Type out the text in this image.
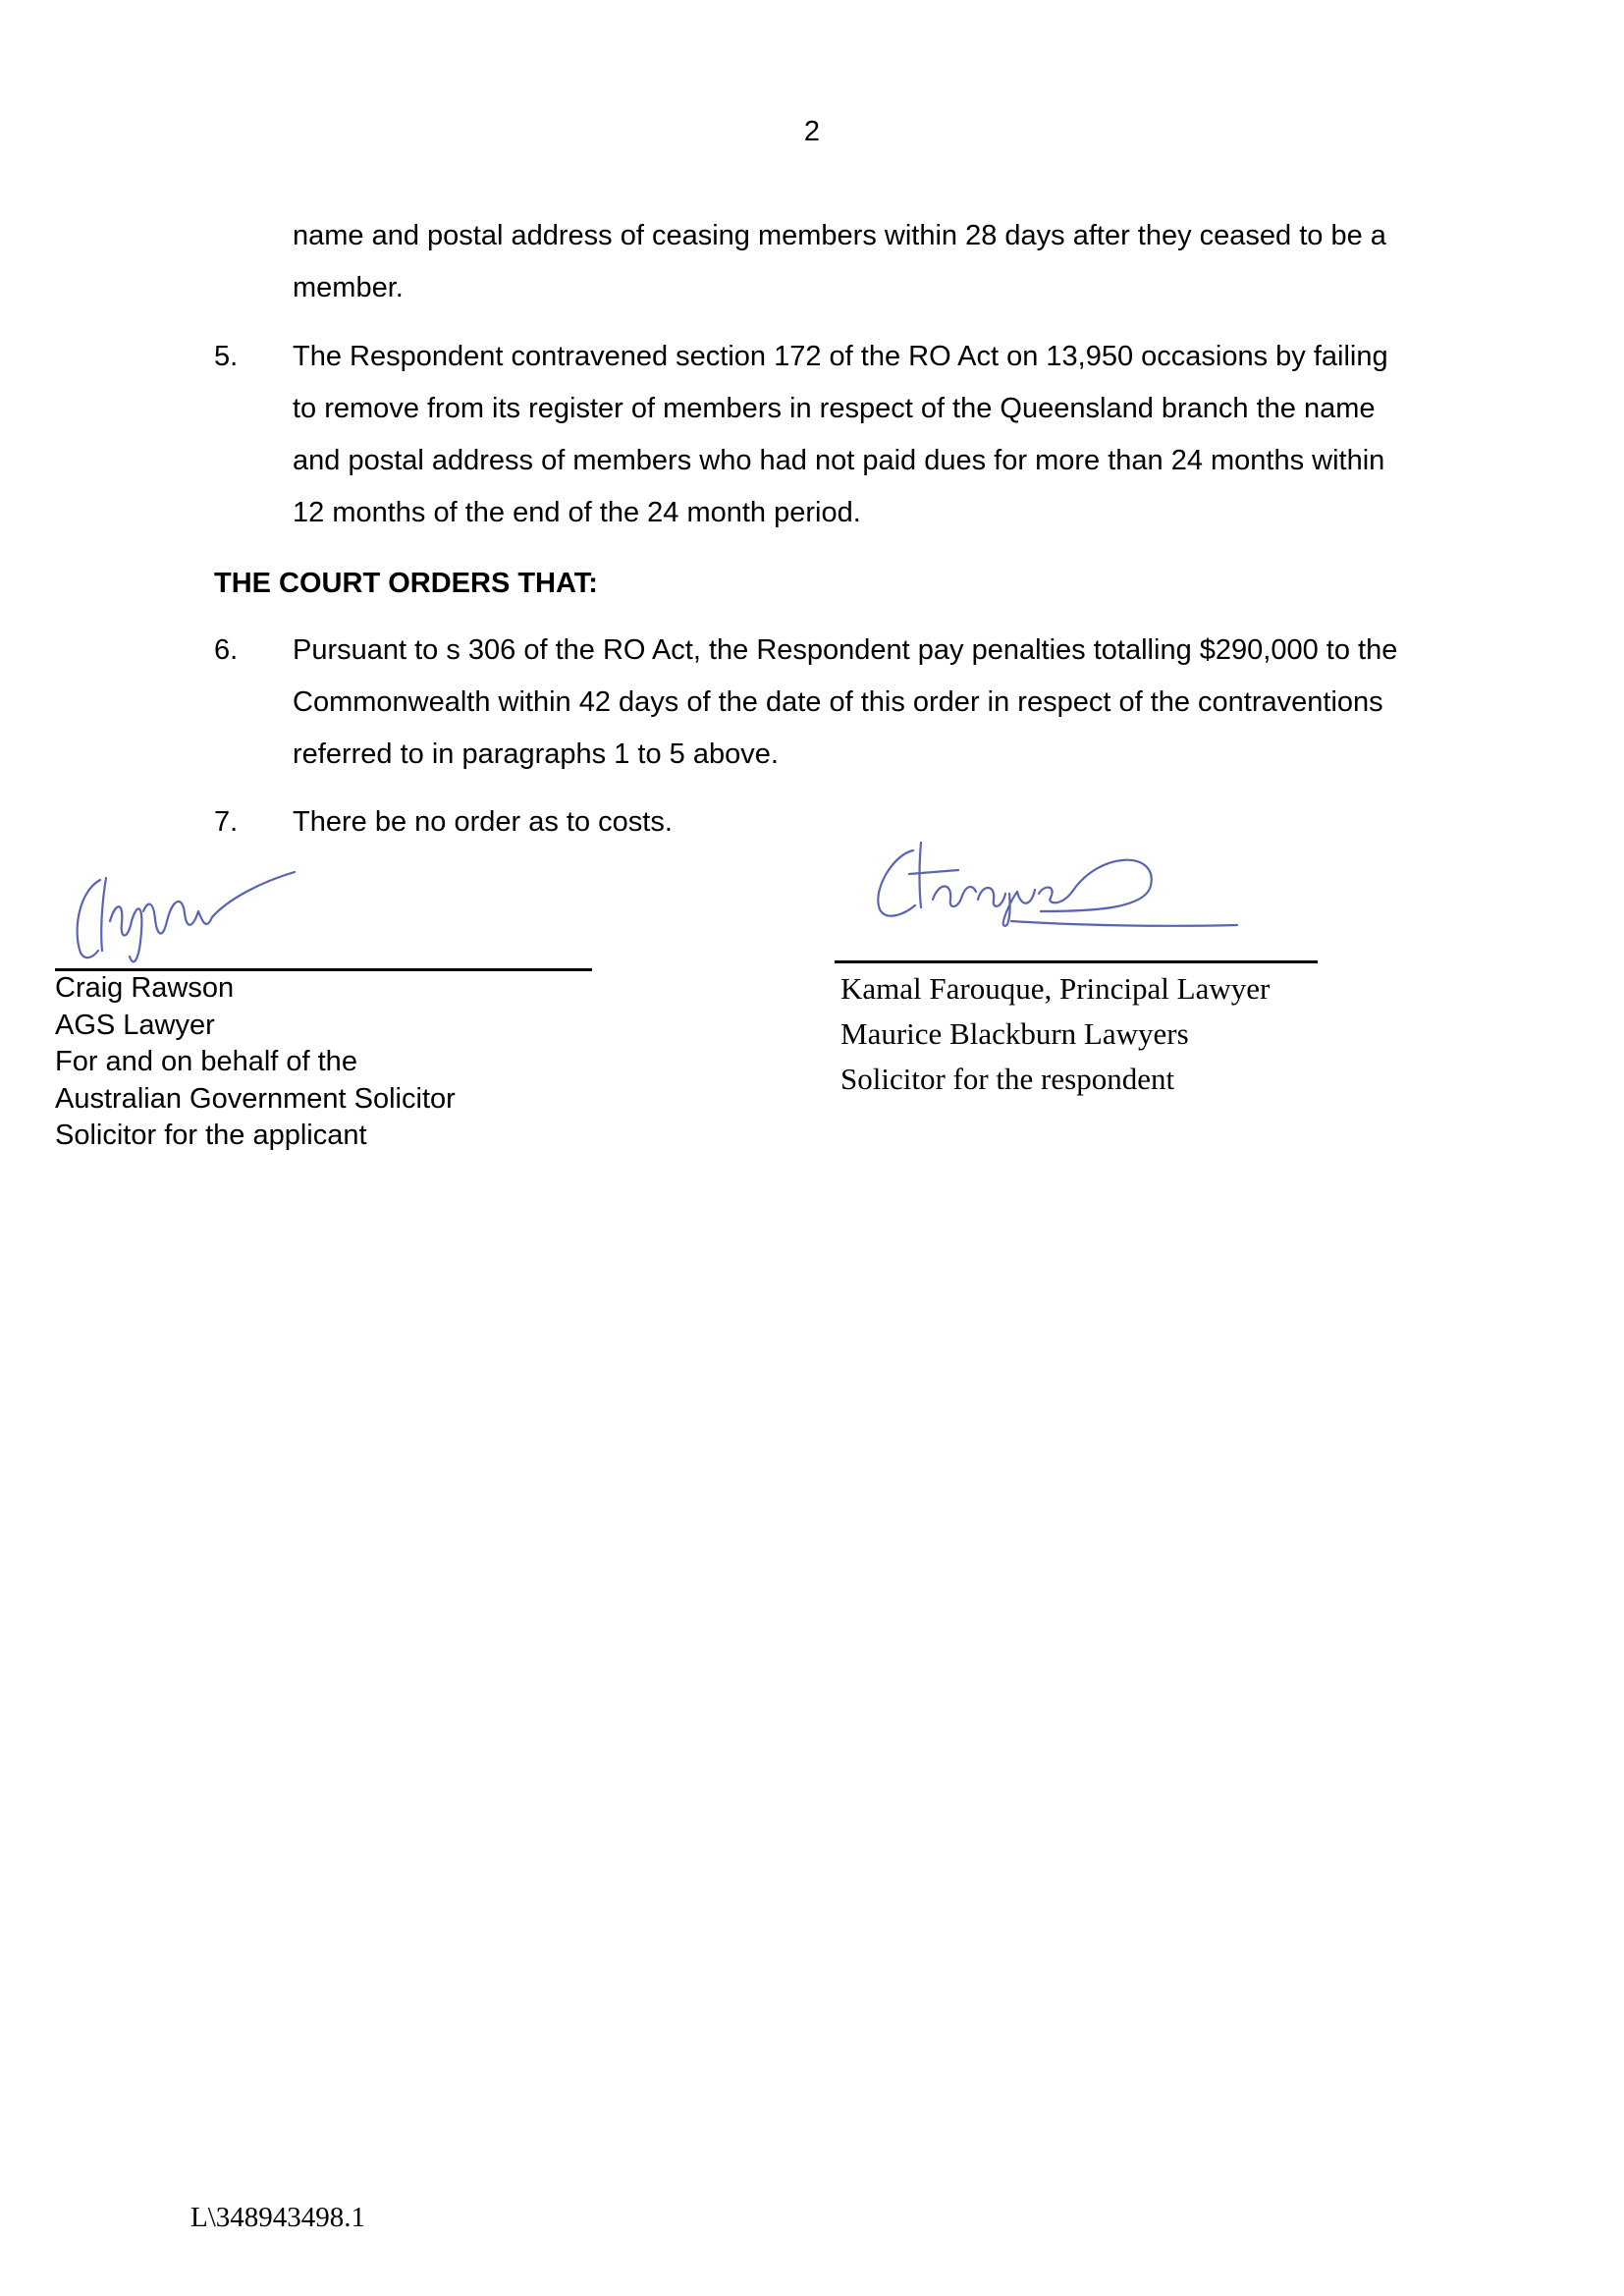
2
name and postal address of ceasing members within 28 days after they ceased to be a
member.
5.	The Respondent contravened section 172 of the RO Act on 13,950 occasions by failing
to remove from its register of members in respect of the Queensland branch the name
and postal address of members who had not paid dues for more than 24 months within
12 months of the end of the 24 month period.
THE COURT ORDERS THAT:
6.	Pursuant to s 306 of the RO Act, the Respondent pay penalties totalling $290,000 to the
Commonwealth within 42 days of the date of this order in respect of the contraventions
referred to in paragraphs 1 to 5 above.
7.	There be no order as to costs.
Craig Rawson
AGS Lawyer
For and on behalf of the
Australian Government Solicitor
Solicitor for the applicant
Kamal Farouque, Principal Lawyer
Maurice Blackburn Lawyers
Solicitor for the respondent
L\348943498.1
